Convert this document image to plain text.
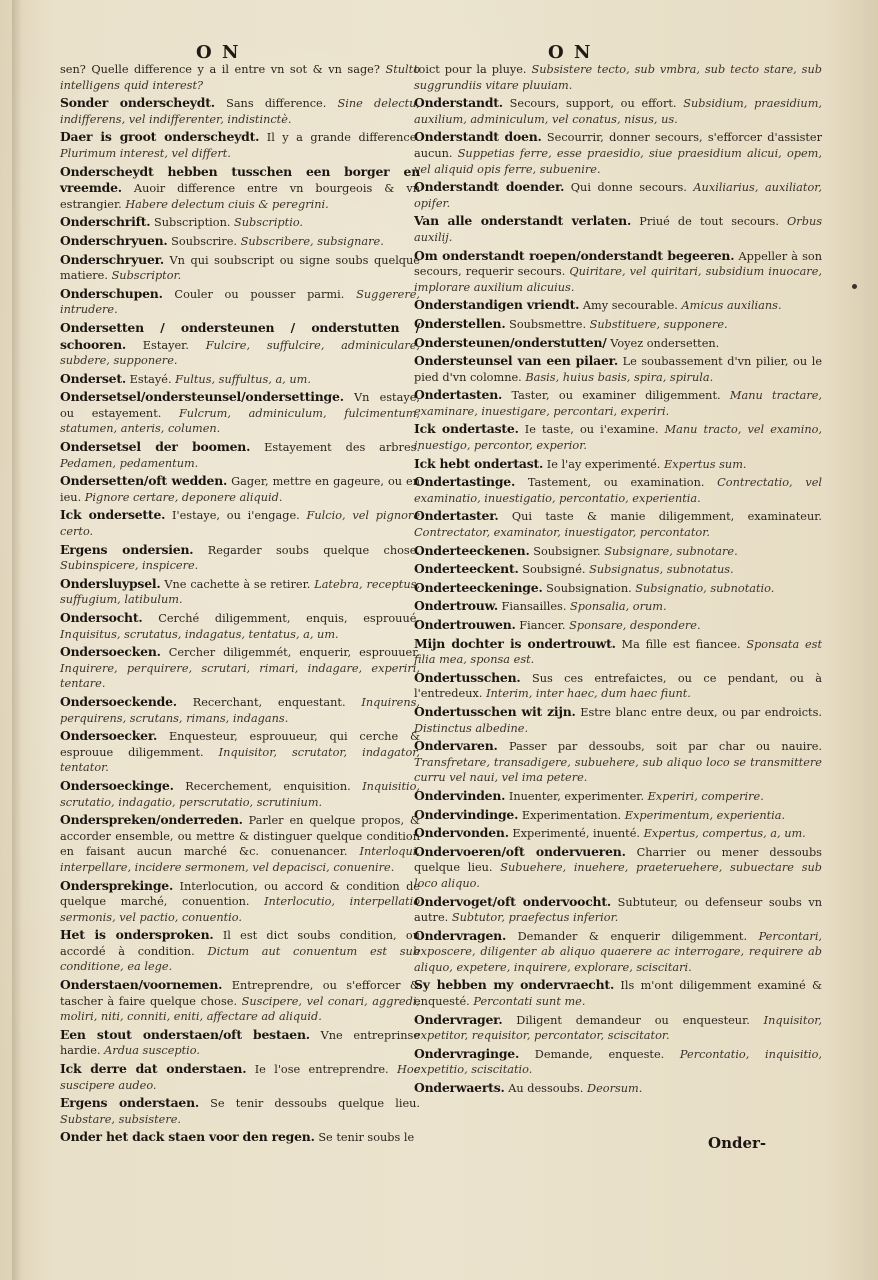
O N	O N

sen? Quelle difference y a il entre vn sot & vn sage? Stulto intelligens quid interest?

Sonder onderscheydt. Sans difference. Sine delectu, indifferens, vel indifferenter, indistinctè.

Daer is groot onderscheydt. Il y a grande difference. Plurimum interest, vel differt.

Onderscheydt hebben tusschen een borger en vreemde. Auoir difference entre vn bourgeois & vn estrangier. Habere delectum ciuis & peregrini.

Onderschrift. Subscription. Subscriptio.

Onderschryuen. Soubscrire. Subscribere, subsignare.

Onderschryuer. Vn qui soubscript ou signe soubs quelque matiere. Subscriptor.

Onderschupen. Couler ou pousser parmi. Suggerere, intrudere.

Ondersetten / ondersteunen / onderstutten / schooren. Estayer. Fulcire, suffulcire, adminiculare, subdere, supponere.

Onderset. Estayé. Fultus, suffultus, a, um.

Ondersetsel/ondersteunsel/ondersettinge. Vn estaye, ou estayement. Fulcrum, adminiculum, fulcimentum, statumen, anteris, columen.

Ondersetsel der boomen. Estayement des arbres. Pedamen, pedamentum.

Ondersetten/oft wedden. Gager, mettre en gageure, ou en ieu. Pignore certare, deponere aliquid.

Ick ondersette. I'estaye, ou i'engage. Fulcio, vel pignore certo.

Ergens ondersien. Regarder soubs quelque chose. Subinspicere, inspicere.

Ondersluypsel. Vne cachette à se retirer. Latebra, receptus, suffugium, latibulum.

Ondersocht. Cerché diligemment, enquis, esprouué. Inquisitus, scrutatus, indagatus, tentatus, a, um.

Ondersoecken. Cercher diligemmét, enquerir, esprouuer. Inquirere, perquirere, scrutari, rimari, indagare, experiri, tentare.

Ondersoeckende. Recerchant, enquestant. Inquirens, perquirens, scrutans, rimans, indagans.

Ondersoecker. Enquesteur, esprouueur, qui cerche & esprouue diligemment. Inquisitor, scrutator, indagator, tentator.

Ondersoeckinge. Recerchement, enquisition. Inquisitio, scrutatio, indagatio, perscrutatio, scrutinium.

Onderspreken/onderreden. Parler en quelque propos, & accorder ensemble, ou mettre & distinguer quelque condition en faisant aucun marché &c. conuenancer. Interloqui, interpellare, incidere sermonem, vel depacisci, conuenire.

Ondersprekinge. Interlocution, ou accord & condition de quelque marché, conuention. Interlocutio, interpellatio sermonis, vel pactio, conuentio.

Het is ondersproken. Il est dict soubs condition, ou accordé à condition. Dictum aut conuentum est sub conditione, ea lege.

Onderstaen/voornemen. Entreprendre, ou s'efforcer & tascher à faire quelque chose. Suscipere, vel conari, aggredi, moliri, niti, conniti, eniti, affectare ad aliquid.

Een stout onderstaen/oft bestaen. Vne entreprinse hardie. Ardua susceptio.

Ick derre dat onderstaen. Ie l'ose entreprendre. Hoc suscipere audeo.

Ergens onderstaen. Se tenir dessoubs quelque lieu. Substare, subsistere.

Onder het dack staen voor den regen. Se tenir soubs le

toict pour la pluye. Subsistere tecto, sub vmbra, sub tecto stare, sub suggrundiis vitare pluuiam.

Onderstandt. Secours, support, ou effort. Subsidium, praesidium, auxilium, adminiculum, vel conatus, nisus, us.

Onderstandt doen. Secourrir, donner secours, s'efforcer d'assister aucun. Suppetias ferre, esse praesidio, siue praesidium alicui, opem, vel aliquid opis ferre, subuenire.

Onderstandt doender. Qui donne secours. Auxiliarius, auxiliator, opifer.

Van alle onderstandt verlaten. Priué de tout secours. Orbus auxilij.

Om onderstandt roepen/onderstandt begeeren. Appeller à son secours, requerir secours. Quiritare, vel quiritari, subsidium inuocare, implorare auxilium alicuius.

Onderstandigen vriendt. Amy secourable. Amicus auxilians.

Onderstellen. Soubsmettre. Substituere, supponere.

Ondersteunen/onderstutten/ Voyez ondersetten.

Ondersteunsel van een pilaer. Le soubassement d'vn pilier, ou le pied d'vn colomne. Basis, huius basis, spira, spirula.

Ondertasten. Taster, ou examiner diligemment. Manu tractare, examinare, inuestigare, percontari, experiri.

Ick ondertaste. Ie taste, ou i'examine. Manu tracto, vel examino, inuestigo, percontor, experior.

Ick hebt ondertast. Ie l'ay experimenté. Expertus sum.

Ondertastinge. Tastement, ou examination. Contrectatio, vel examinatio, inuestigatio, percontatio, experientia.

Ondertaster. Qui taste & manie diligemment, examinateur. Contrectator, examinator, inuestigator, percontator.

Onderteeckenen. Soubsigner. Subsignare, subnotare.

Onderteeckent. Soubsigné. Subsignatus, subnotatus.

Onderteeckeninge. Soubsignation. Subsignatio, subnotatio.

Ondertrouw. Fiansailles. Sponsalia, orum.

Ondertrouwen. Fiancer. Sponsare, despondere.

Mijn dochter is ondertrouwt. Ma fille est fiancee. Sponsata est filia mea, sponsa est.

Ondertusschen. Sus ces entrefaictes, ou ce pendant, ou à l'entredeux. Interim, inter haec, dum haec fiunt.

Ondertusschen wit zijn. Estre blanc entre deux, ou par endroicts. Distinctus albedine.

Ondervaren. Passer par dessoubs, soit par char ou nauire. Transfretare, transadigere, subuehere, sub aliquo loco se transmittere curru vel naui, vel ima petere.

Ondervinden. Inuenter, experimenter. Experiri, comperire.

Ondervindinge. Experimentation. Experimentum, experientia.

Ondervonden. Experimenté, inuenté. Expertus, compertus, a, um.

Ondervoeren/oft ondervueren. Charrier ou mener dessoubs quelque lieu. Subuehere, inuehere, praeteruehere, subuectare sub loco aliquo.

Ondervoget/oft ondervoocht. Subtuteur, ou defenseur soubs vn autre. Subtutor, praefectus inferior.

Ondervragen. Demander & enquerir diligemment. Percontari, exposcere, diligenter ab aliquo quaerere ac interrogare, requirere ab aliquo, expetere, inquirere, explorare, sciscitari.

Sy hebben my ondervraecht. Ils m'ont diligemment examiné & enquesté. Percontati sunt me.

Ondervrager. Diligent demandeur ou enquesteur. Inquisitor, expetitor, requisitor, percontator, sciscitator.

Ondervraginge. Demande, enqueste. Percontatio, inquisitio, expetitio, sciscitatio.

Onderwaerts. Au dessoubs. Deorsum.

Onder-
